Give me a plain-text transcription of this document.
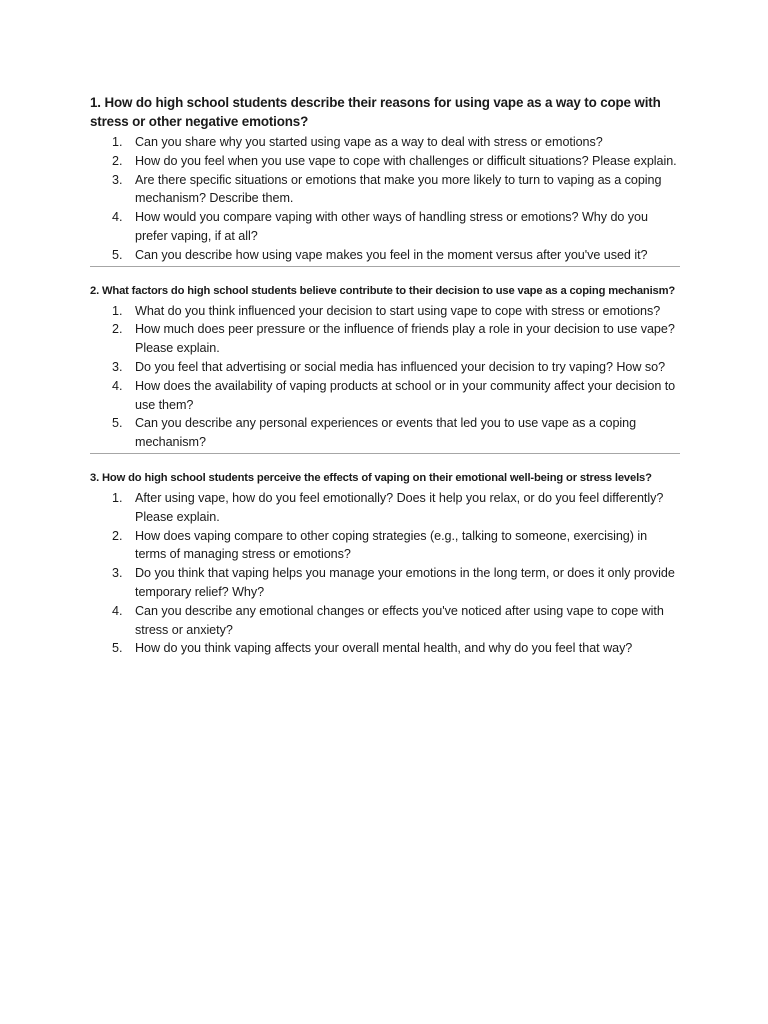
1. How do high school students describe their reasons for using vape as a way to cope with stress or other negative emotions?
1. Can you share why you started using vape as a way to deal with stress or emotions?
2. How do you feel when you use vape to cope with challenges or difficult situations? Please explain.
3. Are there specific situations or emotions that make you more likely to turn to vaping as a coping mechanism? Describe them.
4. How would you compare vaping with other ways of handling stress or emotions? Why do you prefer vaping, if at all?
5. Can you describe how using vape makes you feel in the moment versus after you've used it?
2. What factors do high school students believe contribute to their decision to use vape as a coping mechanism?
1. What do you think influenced your decision to start using vape to cope with stress or emotions?
2. How much does peer pressure or the influence of friends play a role in your decision to use vape? Please explain.
3. Do you feel that advertising or social media has influenced your decision to try vaping? How so?
4. How does the availability of vaping products at school or in your community affect your decision to use them?
5. Can you describe any personal experiences or events that led you to use vape as a coping mechanism?
3. How do high school students perceive the effects of vaping on their emotional well-being or stress levels?
1. After using vape, how do you feel emotionally? Does it help you relax, or do you feel differently? Please explain.
2. How does vaping compare to other coping strategies (e.g., talking to someone, exercising) in terms of managing stress or emotions?
3. Do you think that vaping helps you manage your emotions in the long term, or does it only provide temporary relief? Why?
4. Can you describe any emotional changes or effects you've noticed after using vape to cope with stress or anxiety?
5. How do you think vaping affects your overall mental health, and why do you feel that way?
